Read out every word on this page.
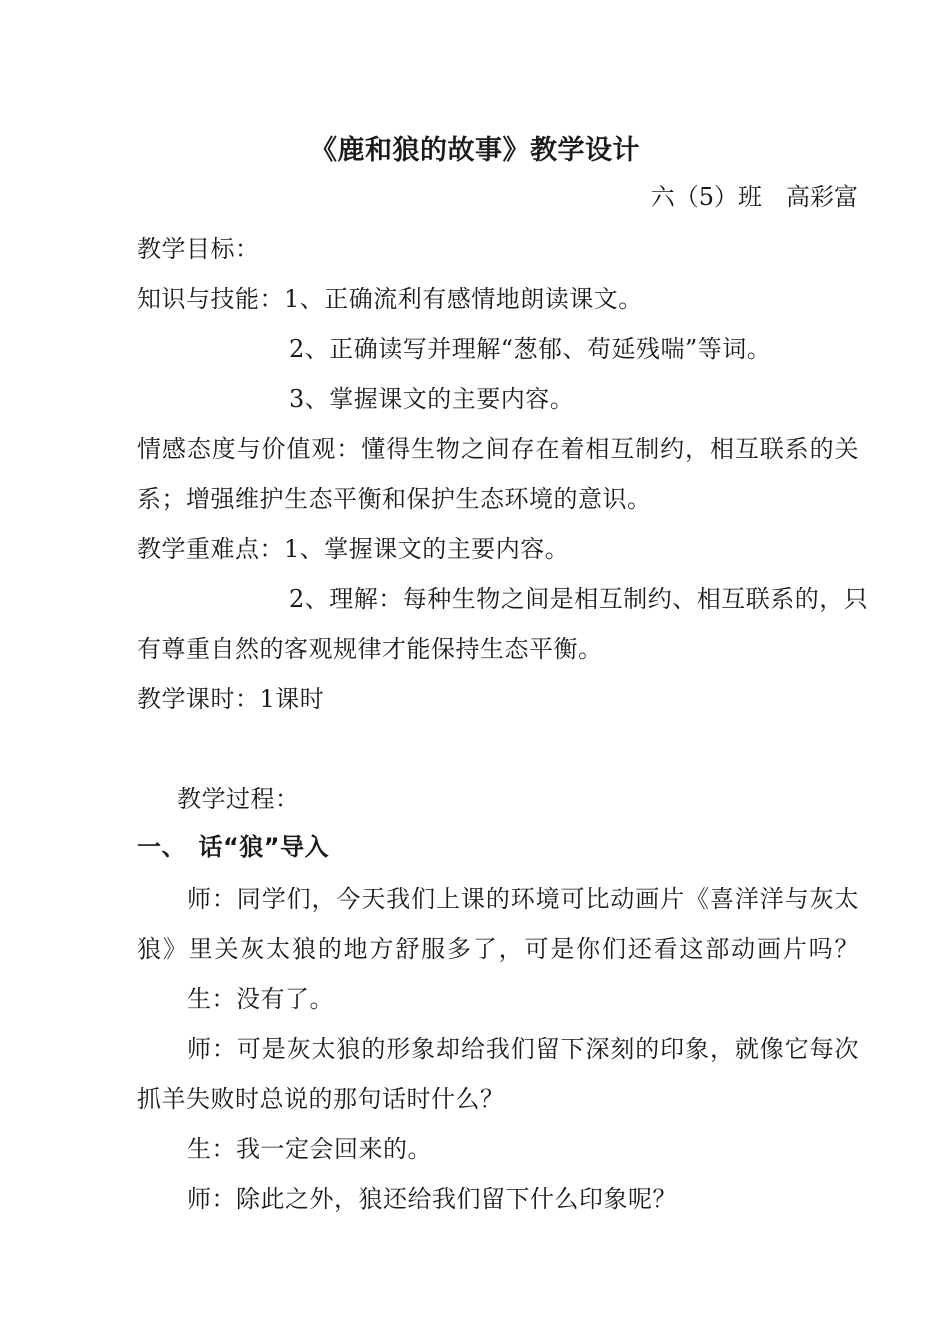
《鹿和狼的故事》教学设计
六（5）班　高彩富
教学目标：
知识与技能：1、正确流利有感情地朗读课文。
2、正确读写并理解“葱郁、苟延残喘”等词。
3、掌握课文的主要内容。
情感态度与价值观：懂得生物之间存在着相互制约，相互联系的关
系；增强维护生态平衡和保护生态环境的意识。
教学重难点：1、掌握课文的主要内容。
2、理解：每种生物之间是相互制约、相互联系的，只
有尊重自然的客观规律才能保持生态平衡。
教学课时：1课时
教学过程：
一、　话“狼”导入
师：同学们，今天我们上课的环境可比动画片《喜洋洋与灰太
狼》里关灰太狼的地方舒服多了，可是你们还看这部动画片吗？
生：没有了。
师：可是灰太狼的形象却给我们留下深刻的印象，就像它每次
抓羊失败时总说的那句话时什么？
生：我一定会回来的。
师：除此之外，狼还给我们留下什么印象呢？
